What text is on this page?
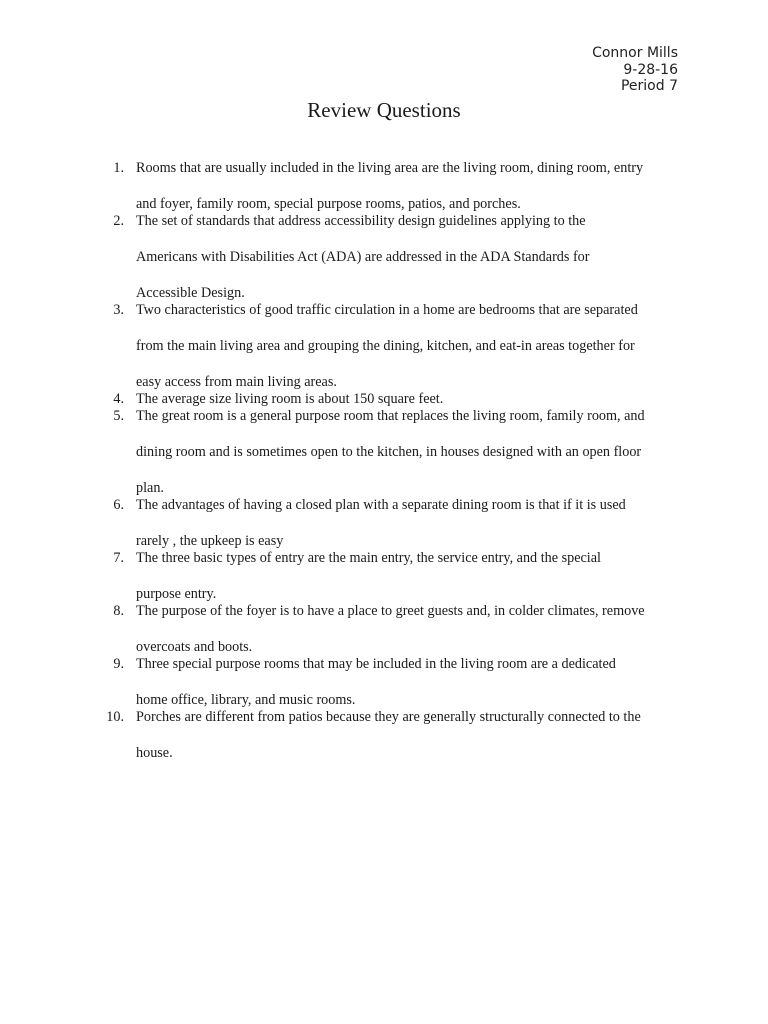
Connor Mills
9-28-16
Period 7
Review Questions
1. Rooms that are usually included in the living area are the living room, dining room, entry
and foyer, family room, special purpose rooms, patios, and porches.
2. The set of standards that address accessibility design guidelines applying to the
Americans with Disabilities Act (ADA) are addressed in the ADA Standards for
Accessible Design.
3. Two characteristics of good traffic circulation in a home are bedrooms that are separated
from the main living area and grouping the dining, kitchen, and eat-in areas together for
easy access from main living areas.
4. The average size living room is about 150 square feet.
5. The great room is a general purpose room that replaces the living room, family room, and
dining room and is sometimes open to the kitchen, in houses designed with an open floor
plan.
6. The advantages of having a closed plan with a separate dining room is that if it is used
rarely , the upkeep is easy
7. The three basic types of entry are the main entry, the service entry, and the special
purpose entry.
8. The purpose of the foyer is to have a place to greet guests and, in colder climates, remove
overcoats and boots.
9. Three special purpose rooms that may be included in the living room are a dedicated
home office, library, and music rooms.
10. Porches are different from patios because they are generally structurally connected to the
house.
